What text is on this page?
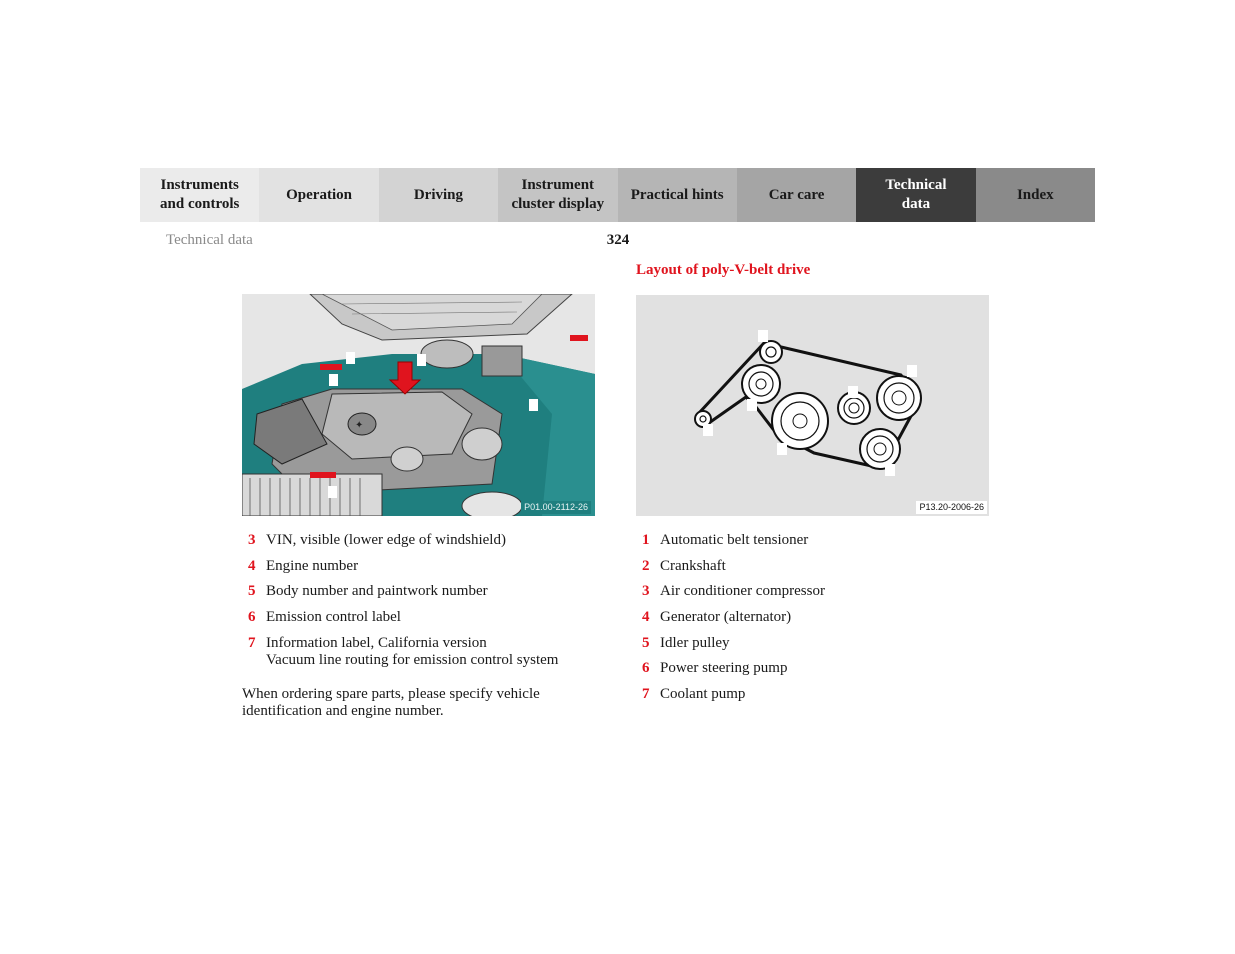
Instruments
and controls
Operation	Driving
Instrument
cluster display
Practical hints	Car care
Technical
data
Index
Technical data	324
Layout of poly-V-belt drive
✦
P01.00-2112-26	P13.20-2006-26
3 VIN, visible (lower edge of windshield)
4 Engine number
5 Body number and paintwork number
6 Emission control label
7 Information label, California version
Vacuum line routing for emission control system
When ordering spare parts, please specify vehicle identification and engine number.
1 Automatic belt tensioner
2 Crankshaft
3 Air conditioner compressor
4 Generator (alternator)
5 Idler pulley
6 Power steering pump
7 Coolant pump
